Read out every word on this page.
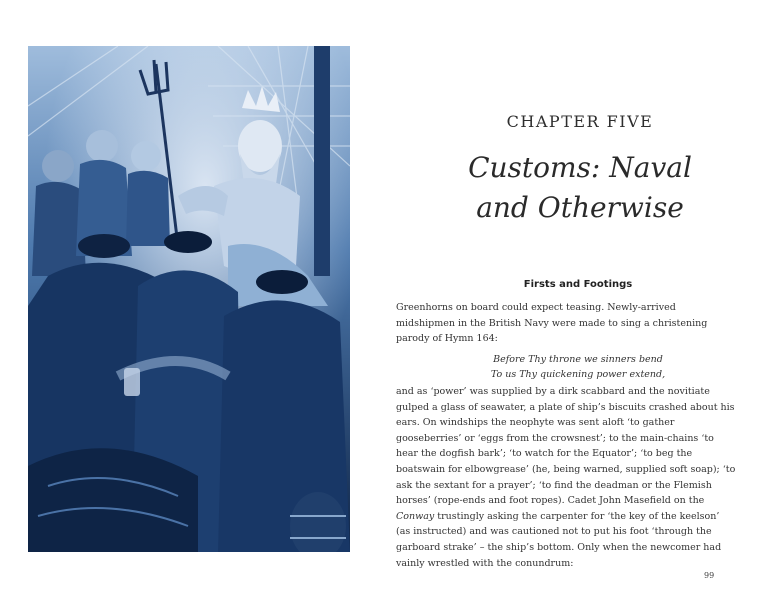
CHAPTER FIVE
Customs: Naval
and Otherwise
Firsts and Footings

Greenhorns on board could expect teasing. Newly-arrived midshipmen in the British Navy were made to sing a christening parody of Hymn 164:

Before Thy throne we sinners bend
To us Thy quickening power extend,

and as ‘power’ was supplied by a dirk scabbard and the novitiate gulped a glass of seawater, a plate of ship’s biscuits crashed about his ears. On windships the neophyte was sent aloft ‘to gather gooseberries’ or ‘eggs from the crowsnest’; to the main-chains ‘to hear the dogfish bark’; ‘to watch for the Equator’; ‘to beg the boatswain for elbowgrease’ (he, being warned, supplied soft soap); ‘to ask the sextant for a prayer’; ‘to find the deadman or the Flemish horses’ (rope-ends and foot ropes). Cadet John Masefield on the Conway trustingly asking the carpenter for ‘the key of the keelson’ (as instructed) and was cautioned not to put his foot ‘through the garboard strake’ – the ship’s bottom. Only when the newcomer had vainly wrestled with the conundrum:

99
